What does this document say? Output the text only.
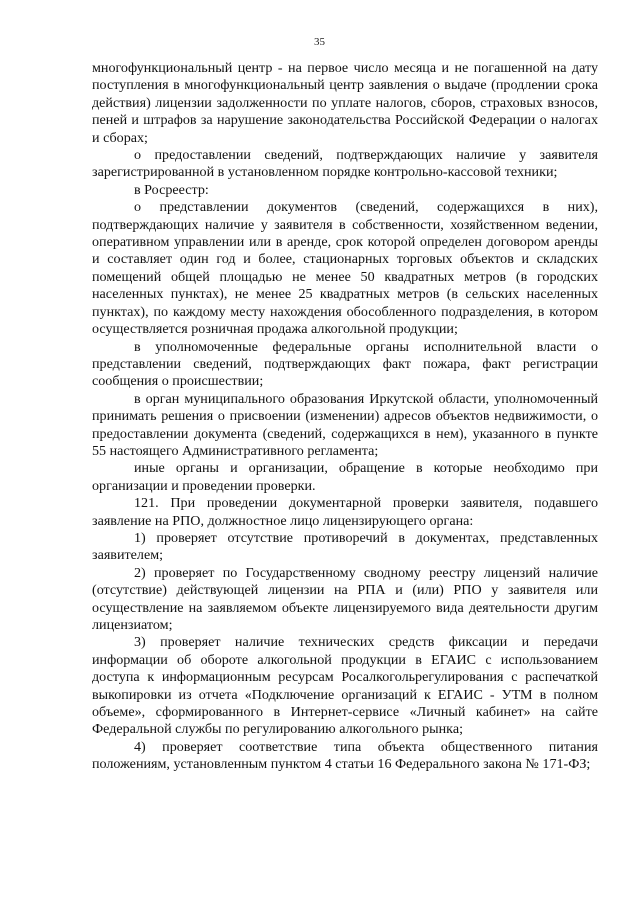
35

многофункциональный центр - на первое число месяца и не погашенной на дату поступления в многофункциональный центр заявления о выдаче (продлении срока действия) лицензии задолженности по уплате налогов, сборов, страховых взносов, пеней и штрафов за нарушение законодательства Российской Федерации о налогах и сборах;

о предоставлении сведений, подтверждающих наличие у заявителя зарегистрированной в установленном порядке контрольно-кассовой техники;

в Росреестр:

о представлении документов (сведений, содержащихся в них), подтверждающих наличие у заявителя в собственности, хозяйственном ведении, оперативном управлении или в аренде, срок которой определен договором аренды и составляет один год и более, стационарных торговых объектов и складских помещений общей площадью не менее 50 квадратных метров (в городских населенных пунктах), не менее 25 квадратных метров (в сельских населенных пунктах), по каждому месту нахождения обособленного подразделения, в котором осуществляется розничная продажа алкогольной продукции;

в уполномоченные федеральные органы исполнительной власти о представлении сведений, подтверждающих факт пожара, факт регистрации сообщения о происшествии;

в орган муниципального образования Иркутской области, уполномоченный принимать решения о присвоении (изменении) адресов объектов недвижимости, о предоставлении документа (сведений, содержащихся в нем), указанного в пункте 55 настоящего Административного регламента;

иные органы и организации, обращение в которые необходимо при организации и проведении проверки.

121. При проведении документарной проверки заявителя, подавшего заявление на РПО, должностное лицо лицензирующего органа:

1) проверяет отсутствие противоречий в документах, представленных заявителем;

2) проверяет по Государственному сводному реестру лицензий наличие (отсутствие) действующей лицензии на РПА и (или) РПО у заявителя или осуществление на заявляемом объекте лицензируемого вида деятельности другим лицензиатом;

3) проверяет наличие технических средств фиксации и передачи информации об обороте алкогольной продукции в ЕГАИС с использованием доступа к информационным ресурсам Росалкогольрегулирования с распечаткой выкопировки из отчета «Подключение организаций к ЕГАИС - УТМ в полном объеме», сформированного в Интернет-сервисе «Личный кабинет» на сайте Федеральной службы по регулированию алкогольного рынка;

4) проверяет соответствие типа объекта общественного питания положениям, установленным пунктом 4 статьи 16 Федерального закона № 171-ФЗ;
